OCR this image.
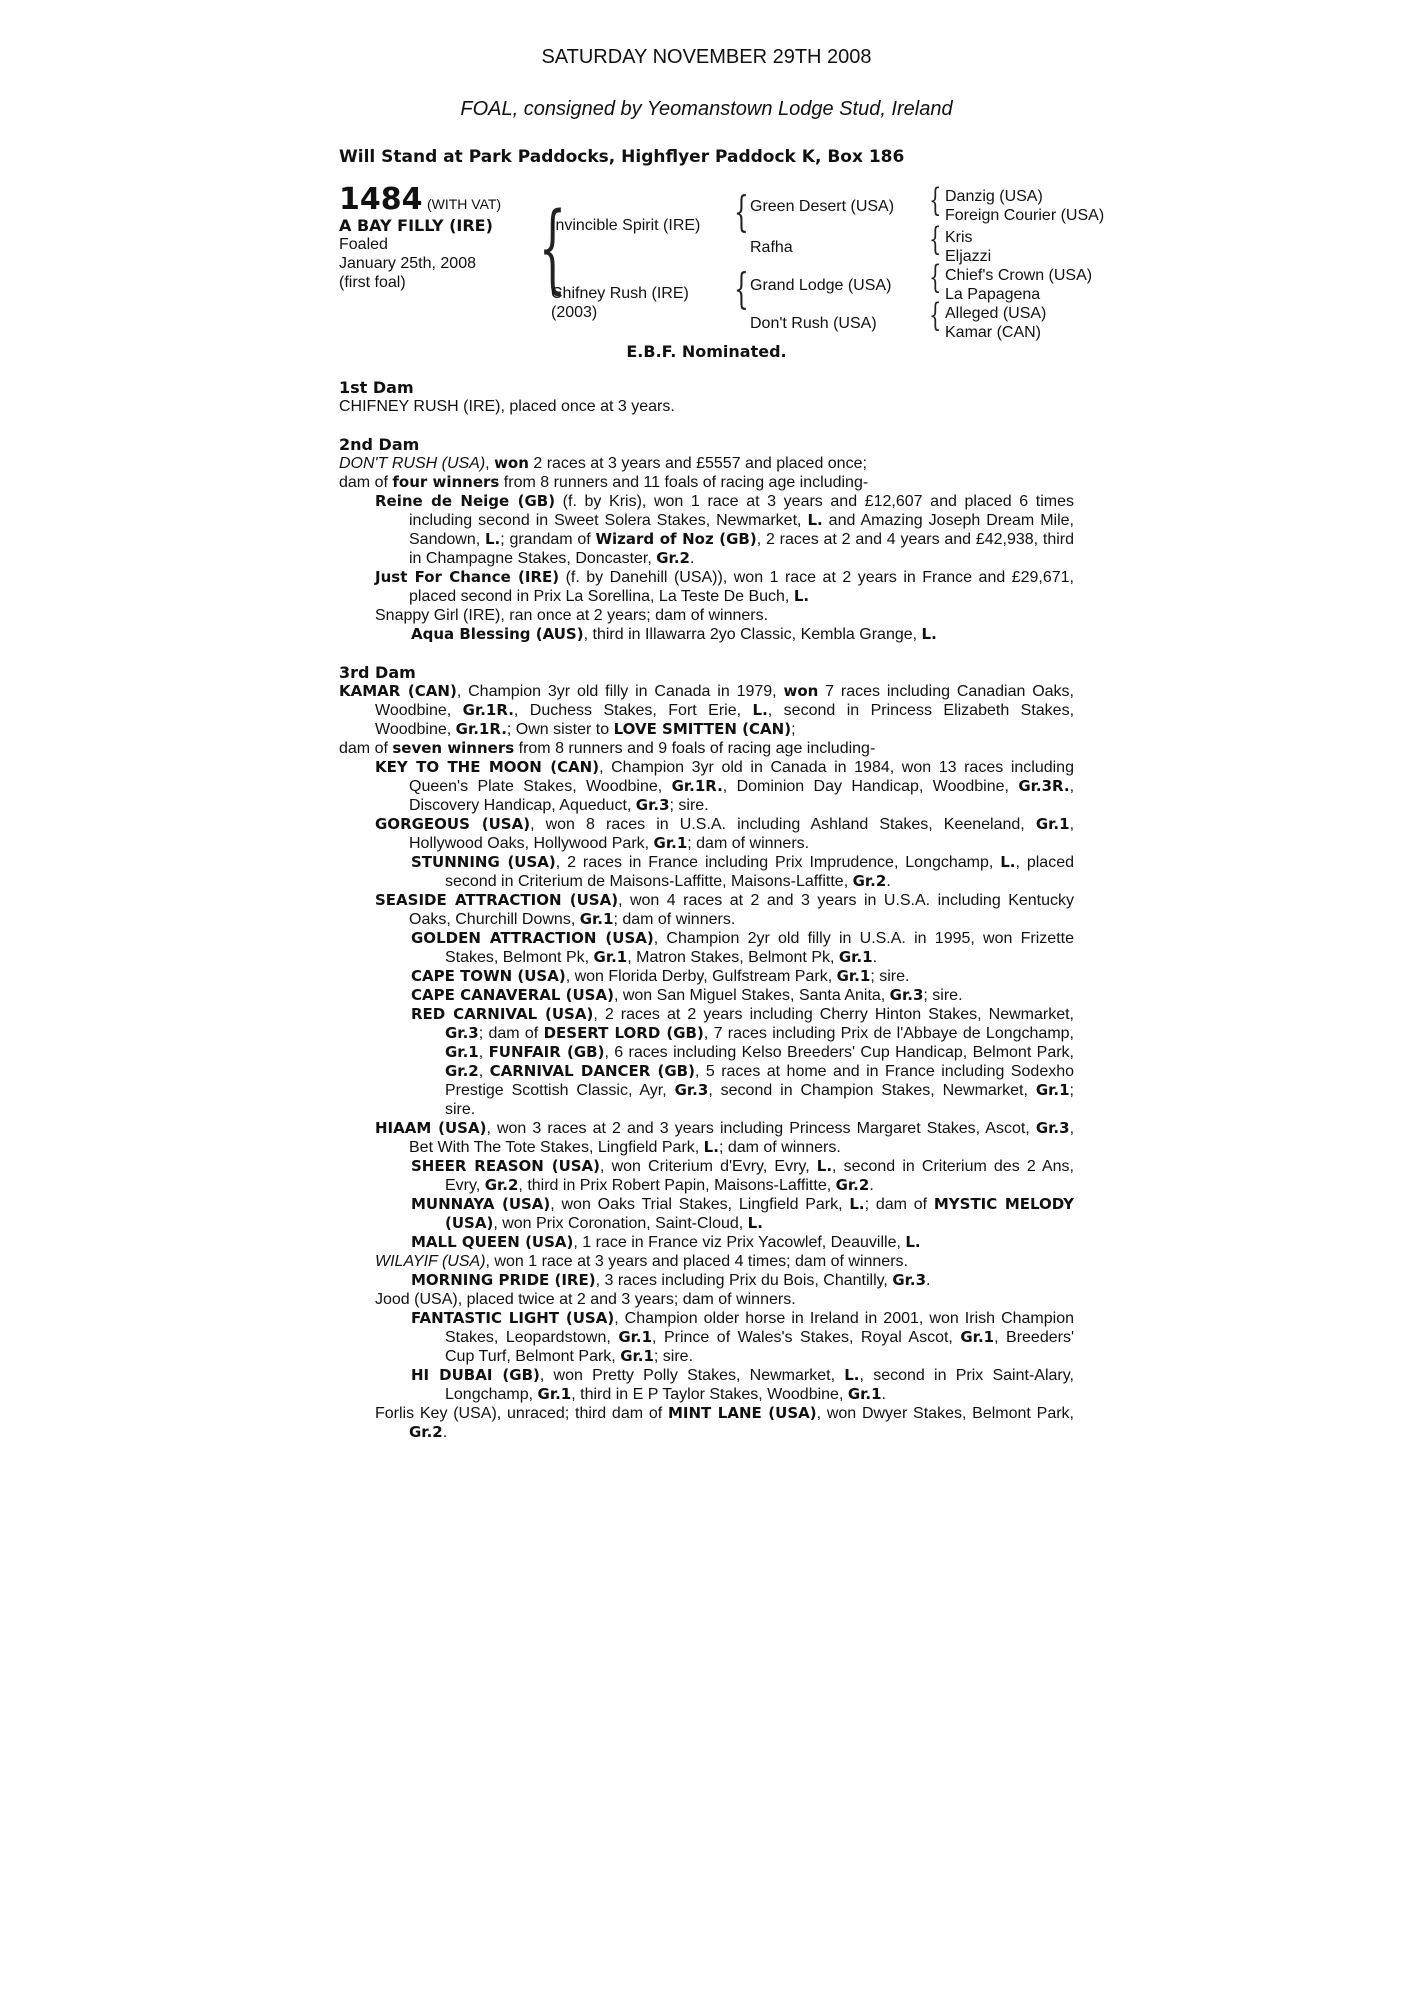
SATURDAY NOVEMBER 29TH 2008
FOAL, consigned by Yeomanstown Lodge Stud, Ireland
Will Stand at Park Paddocks, Highflyer Paddock K, Box 186
1484 (WITH VAT)
A BAY FILLY (IRE)
Foaled
January 25th, 2008
(first foal)	{	{
{
{
{
{
{
Invincible Spirit (IRE)
Chifney Rush (IRE)
(2003)
Green Desert (USA)
Rafha
Grand Lodge (USA)
Don't Rush (USA)
Danzig (USA)
Foreign Courier (USA)
Kris
Eljazzi
Chief's Crown (USA)
La Papagena
Alleged (USA)
Kamar (CAN)
E.B.F. Nominated.
1st Dam
CHIFNEY RUSH (IRE), placed once at 3 years.
2nd Dam
DON'T RUSH (USA), won 2 races at 3 years and £5557 and placed once;
dam of four winners from 8 runners and 11 foals of racing age including-
Reine de Neige (GB) (f. by Kris), won 1 race at 3 years and £12,607 and placed 6 times including second in Sweet Solera Stakes, Newmarket, L. and Amazing Joseph Dream Mile, Sandown, L.; grandam of Wizard of Noz (GB), 2 races at 2 and 4 years and £42,938, third in Champagne Stakes, Doncaster, Gr.2.
Just For Chance (IRE) (f. by Danehill (USA)), won 1 race at 2 years in France and £29,671, placed second in Prix La Sorellina, La Teste De Buch, L.
Snappy Girl (IRE), ran once at 2 years; dam of winners.
Aqua Blessing (AUS), third in Illawarra 2yo Classic, Kembla Grange, L.
3rd Dam
KAMAR (CAN), Champion 3yr old filly in Canada in 1979, won 7 races including Canadian Oaks, Woodbine, Gr.1R., Duchess Stakes, Fort Erie, L., second in Princess Elizabeth Stakes, Woodbine, Gr.1R.; Own sister to LOVE SMITTEN (CAN);
dam of seven winners from 8 runners and 9 foals of racing age including-
KEY TO THE MOON (CAN), Champion 3yr old in Canada in 1984, won 13 races including Queen's Plate Stakes, Woodbine, Gr.1R., Dominion Day Handicap, Woodbine, Gr.3R., Discovery Handicap, Aqueduct, Gr.3; sire.
GORGEOUS (USA), won 8 races in U.S.A. including Ashland Stakes, Keeneland, Gr.1, Hollywood Oaks, Hollywood Park, Gr.1; dam of winners.
STUNNING (USA), 2 races in France including Prix Imprudence, Longchamp, L., placed second in Criterium de Maisons-Laffitte, Maisons-Laffitte, Gr.2.
SEASIDE ATTRACTION (USA), won 4 races at 2 and 3 years in U.S.A. including Kentucky Oaks, Churchill Downs, Gr.1; dam of winners.
GOLDEN ATTRACTION (USA), Champion 2yr old filly in U.S.A. in 1995, won Frizette Stakes, Belmont Pk, Gr.1, Matron Stakes, Belmont Pk, Gr.1.
CAPE TOWN (USA), won Florida Derby, Gulfstream Park, Gr.1; sire.
CAPE CANAVERAL (USA), won San Miguel Stakes, Santa Anita, Gr.3; sire.
RED CARNIVAL (USA), 2 races at 2 years including Cherry Hinton Stakes, Newmarket, Gr.3; dam of DESERT LORD (GB), 7 races including Prix de l'Abbaye de Longchamp, Gr.1, FUNFAIR (GB), 6 races including Kelso Breeders' Cup Handicap, Belmont Park, Gr.2, CARNIVAL DANCER (GB), 5 races at home and in France including Sodexho Prestige Scottish Classic, Ayr, Gr.3, second in Champion Stakes, Newmarket, Gr.1; sire.
HIAAM (USA), won 3 races at 2 and 3 years including Princess Margaret Stakes, Ascot, Gr.3, Bet With The Tote Stakes, Lingfield Park, L.; dam of winners.
SHEER REASON (USA), won Criterium d'Evry, Evry, L., second in Criterium des 2 Ans, Evry, Gr.2, third in Prix Robert Papin, Maisons-Laffitte, Gr.2.
MUNNAYA (USA), won Oaks Trial Stakes, Lingfield Park, L.; dam of MYSTIC MELODY (USA), won Prix Coronation, Saint-Cloud, L.
MALL QUEEN (USA), 1 race in France viz Prix Yacowlef, Deauville, L.
WILAYIF (USA), won 1 race at 3 years and placed 4 times; dam of winners.
MORNING PRIDE (IRE), 3 races including Prix du Bois, Chantilly, Gr.3.
Jood (USA), placed twice at 2 and 3 years; dam of winners.
FANTASTIC LIGHT (USA), Champion older horse in Ireland in 2001, won Irish Champion Stakes, Leopardstown, Gr.1, Prince of Wales's Stakes, Royal Ascot, Gr.1, Breeders' Cup Turf, Belmont Park, Gr.1; sire.
HI DUBAI (GB), won Pretty Polly Stakes, Newmarket, L., second in Prix Saint-Alary, Longchamp, Gr.1, third in E P Taylor Stakes, Woodbine, Gr.1.
Forlis Key (USA), unraced; third dam of MINT LANE (USA), won Dwyer Stakes, Belmont Park, Gr.2.
